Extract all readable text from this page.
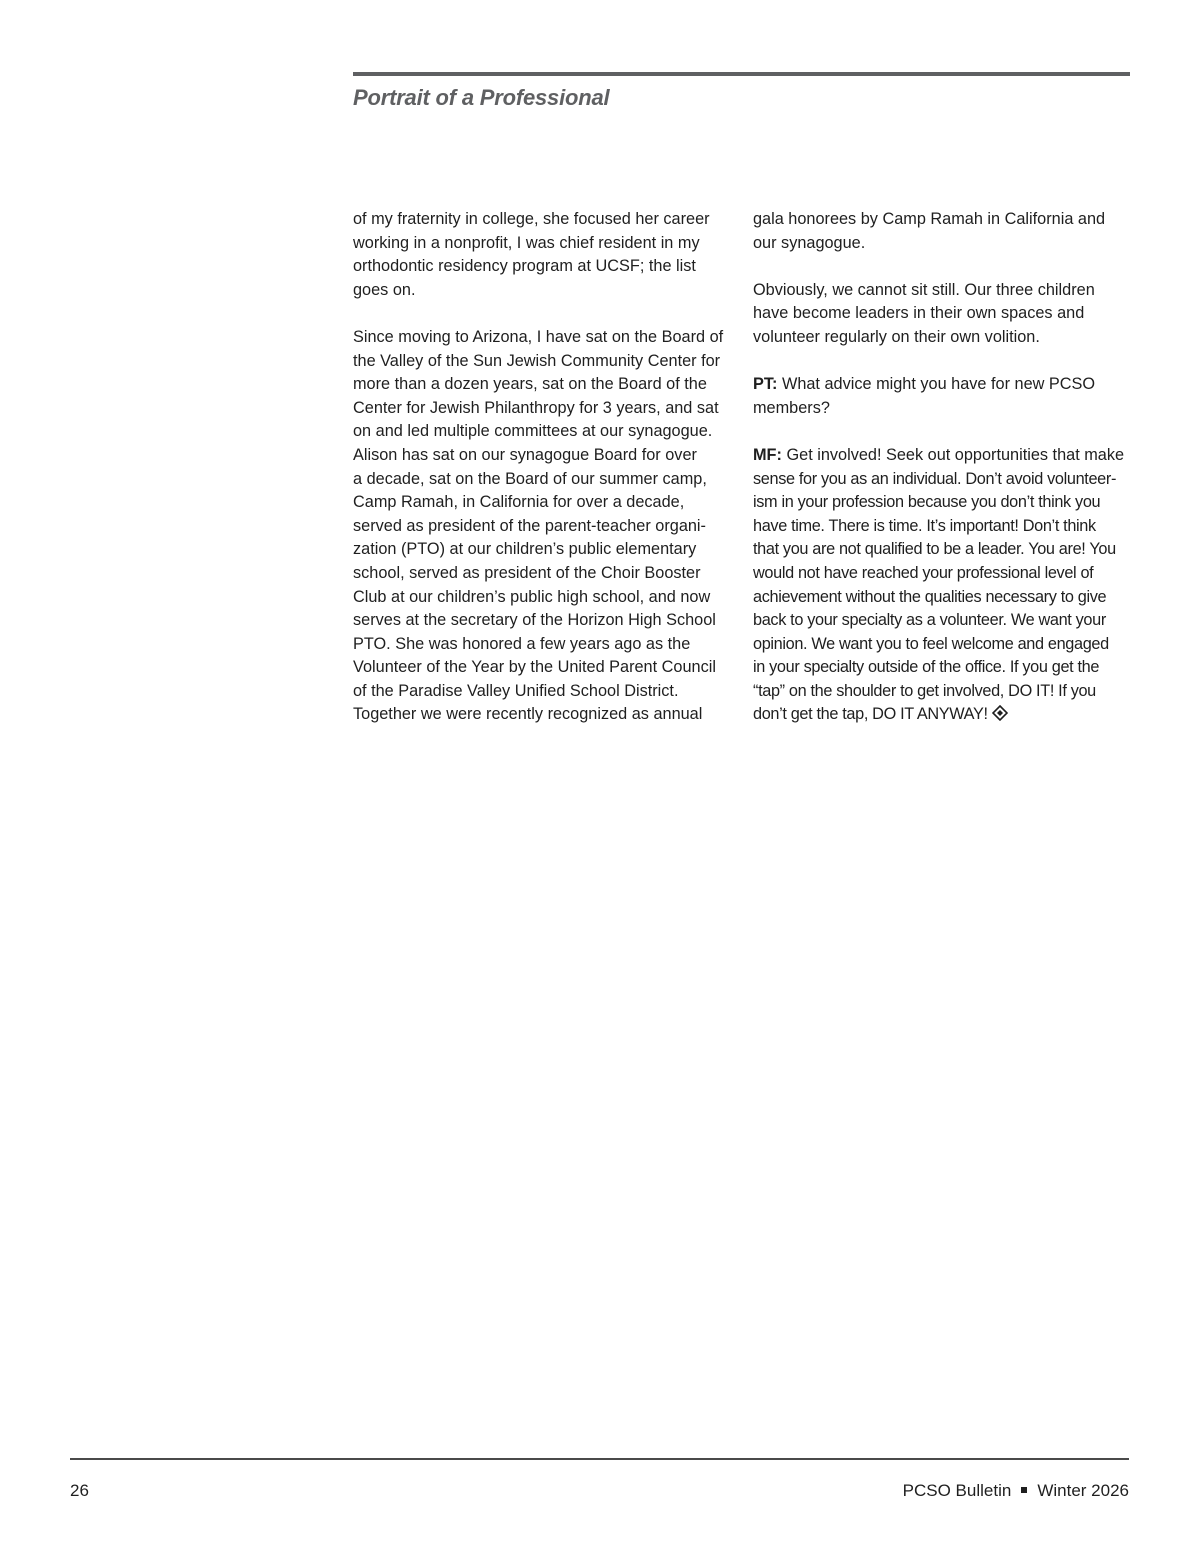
Portrait of a Professional

of my fraternity in college, she focused her career
working in a nonprofit, I was chief resident in my
orthodontic residency program at UCSF; the list
goes on.

Since moving to Arizona, I have sat on the Board of
the Valley of the Sun Jewish Community Center for
more than a dozen years, sat on the Board of the
Center for Jewish Philanthropy for 3 years, and sat
on and led multiple committees at our synagogue.
Alison has sat on our synagogue Board for over
a decade, sat on the Board of our summer camp,
Camp Ramah, in California for over a decade,
served as president of the parent-teacher organi-
zation (PTO) at our children’s public elementary
school, served as president of the Choir Booster
Club at our children’s public high school, and now
serves at the secretary of the Horizon High School
PTO. She was honored a few years ago as the
Volunteer of the Year by the United Parent Council
of the Paradise Valley Unified School District.
Together we were recently recognized as annual

gala honorees by Camp Ramah in California and
our synagogue.

Obviously, we cannot sit still. Our three children
have become leaders in their own spaces and
volunteer regularly on their own volition.

PT: What advice might you have for new PCSO
members?

MF: Get involved! Seek out opportunities that make
sense for you as an individual. Don’t avoid volunteer-
ism in your profession because you don’t think you
have time. There is time. It’s important! Don’t think
that you are not qualified to be a leader. You are! You
would not have reached your professional level of
achievement without the qualities necessary to give
back to your specialty as a volunteer. We want your
opinion. We want you to feel welcome and engaged
in your specialty outside of the office. If you get the
“tap” on the shoulder to get involved, DO IT! If you
don’t get the tap, DO IT ANYWAY!

26	PCSO Bulletin Winter 2026
